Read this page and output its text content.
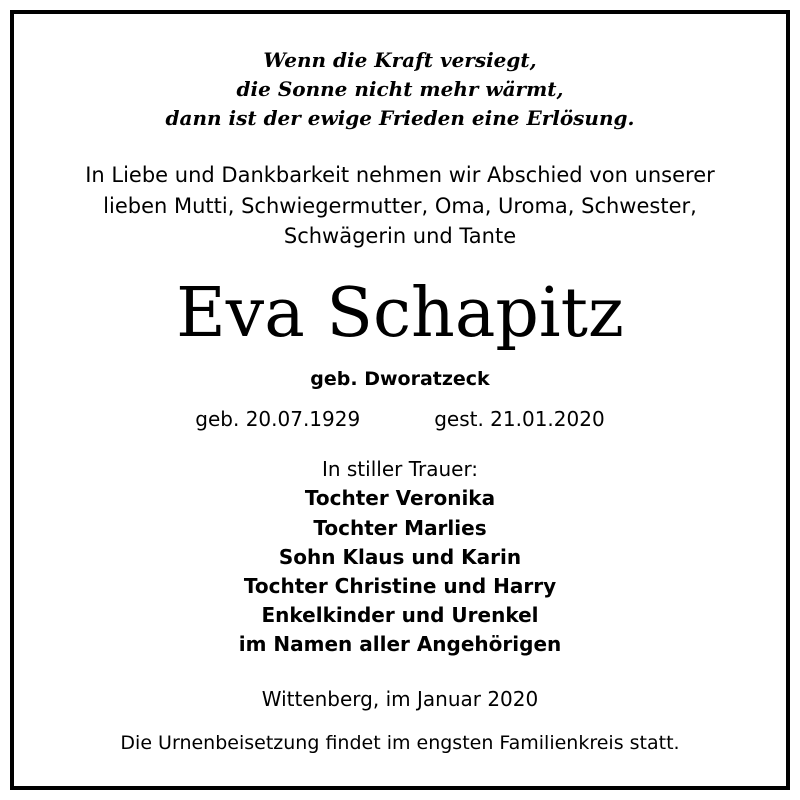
Wenn die Kraft versiegt,
die Sonne nicht mehr wärmt,
dann ist der ewige Frieden eine Erlösung.
In Liebe und Dankbarkeit nehmen wir Abschied von unserer
lieben Mutti, Schwiegermutter, Oma, Uroma, Schwester,
Schwägerin und Tante
Eva Schapitz
geb. Dworatzeck
geb. 20.07.1929	gest. 21.01.2020
In stiller Trauer:
Tochter Veronika
Tochter Marlies
Sohn Klaus und Karin
Tochter Christine und Harry
Enkelkinder und Urenkel
im Namen aller Angehörigen
Wittenberg, im Januar 2020
Die Urnenbeisetzung findet im engsten Familienkreis statt.
